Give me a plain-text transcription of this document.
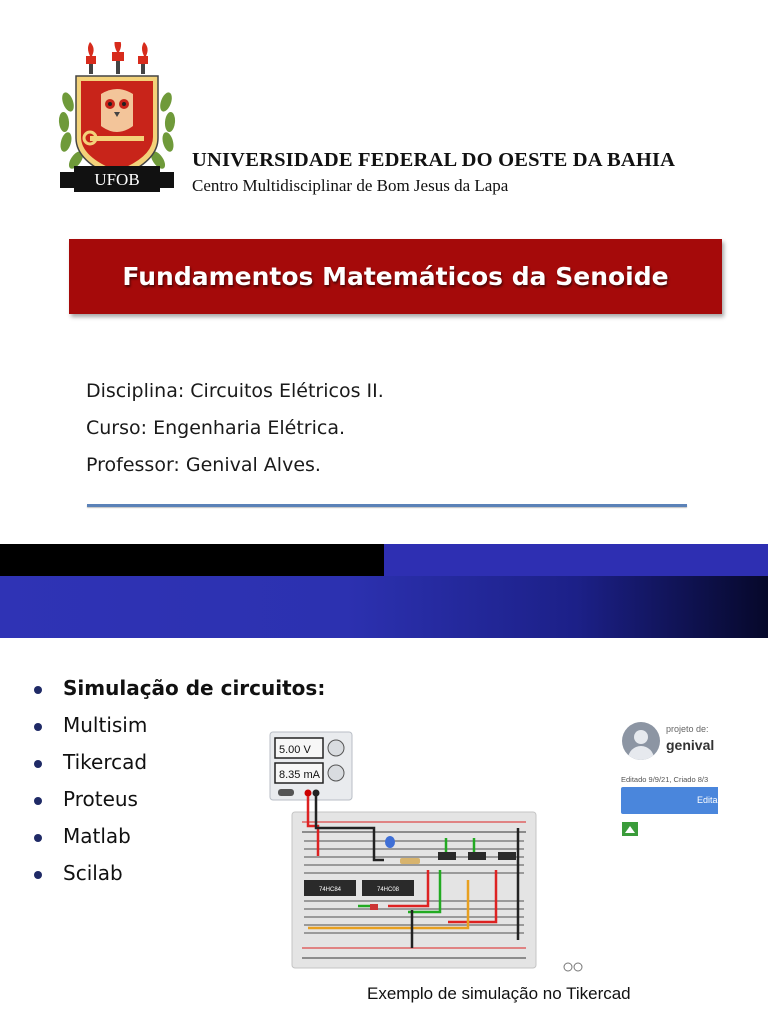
UFOB
UNIVERSIDADE FEDERAL DO OESTE DA BAHIA
Centro Multidisciplinar de Bom Jesus da Lapa
Fundamentos Matemáticos da Senoide
Disciplina: Circuitos Elétricos II.
Curso: Engenharia Elétrica.
Professor: Genival Alves.
Simulação de circuitos:
Multisim
Tikercad
Proteus
Matlab
Scilab
5.00 V
8.35 mA
74HC84	74HC08
projeto de:
genival
Editado 9/9/21, Criado 8/3
Edita
Exemplo de simulação no Tikercad
